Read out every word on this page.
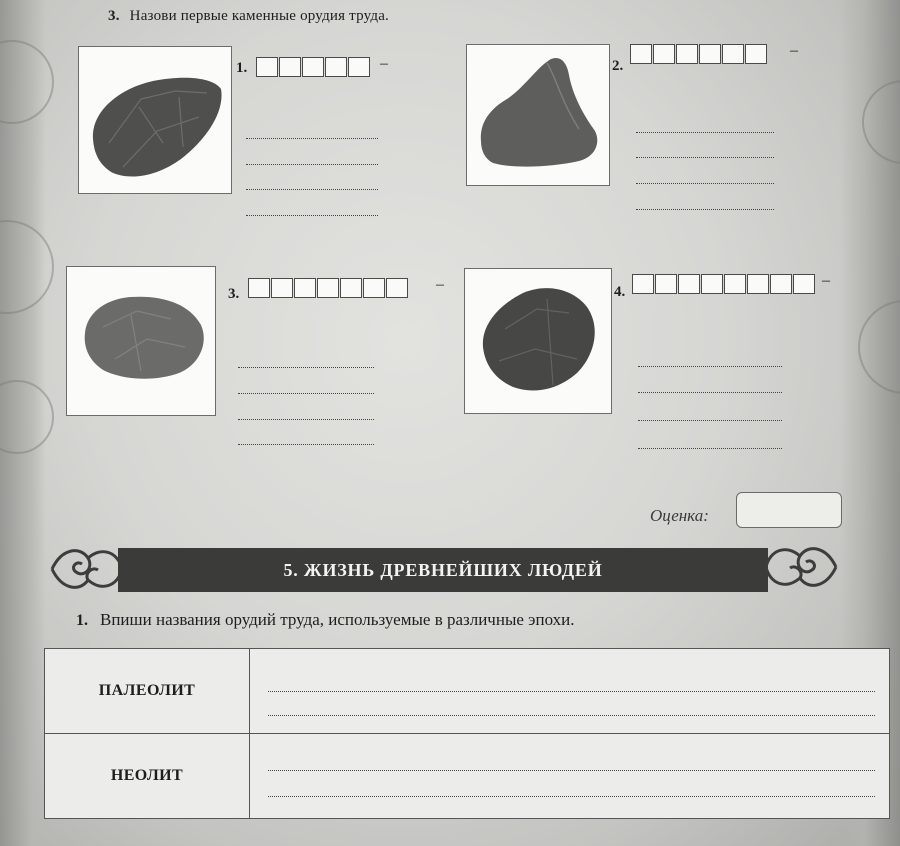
3. Назови первые каменные орудия труда.
1.	–	2.
–
3.
–	4.
–
Оценка:
5. ЖИЗНЬ ДРЕВНЕЙШИХ ЛЮДЕЙ
1. Впиши названия орудий труда, используемые в различные эпохи.
ПАЛЕОЛИТ	

НЕОЛИТ	
